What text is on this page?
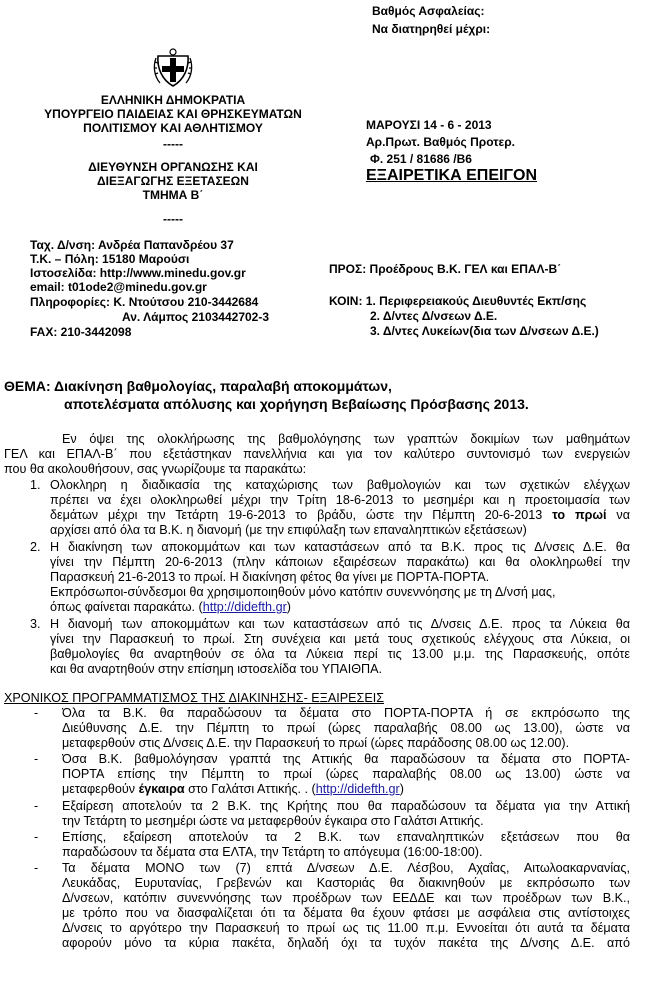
Βαθμός Ασφαλείας:
Να διατηρηθεί μέχρι:
ΕΛΛΗΝΙΚΗ ΔΗΜΟΚΡΑΤΙΑ
ΥΠΟΥΡΓΕΙΟ ΠΑΙΔΕΙΑΣ ΚΑΙ ΘΡΗΣΚΕΥΜΑΤΩΝ
ΠΟΛΙΤΙΣΜΟΥ ΚΑΙ ΑΘΛΗΤΙΣΜΟΥ
-----
ΔΙΕΥΘΥΝΣΗ ΟΡΓΑΝΩΣΗΣ ΚΑΙ
ΔΙΕΞΑΓΩΓΗΣ ΕΞΕΤΑΣΕΩΝ
ΤΜΗΜΑ Β΄
-----
Ταχ. Δ/νση: Ανδρέα Παπανδρέου 37
Τ.Κ. – Πόλη: 15180 Μαρούσι
Ιστοσελίδα: http://www.minedu.gov.gr
email: t01ode2@minedu.gov.gr
Πληροφορίες: Κ. Ντούτσου 210-3442684
Αν. Λάμπος 2103442702-3
FAX: 210-3442098
ΜΑΡΟΥΣΙ 14 - 6 - 2013
Αρ.Πρωτ. Βαθμός Προτερ.
Φ. 251 / 81686 /Β6
ΕΞΑΙΡΕΤΙΚΑ ΕΠΕΙΓΟΝ
ΠΡΟΣ: Προέδρους Β.Κ. ΓΕΛ και ΕΠΑΛ-Β΄
ΚΟΙΝ: 1. Περιφερειακούς Διευθυντές Εκπ/σης
2. Δ/ντες Δ/νσεων Δ.Ε.
3. Δ/ντες Λυκείων(δια των Δ/νσεων Δ.Ε.)
ΘΕΜΑ: Διακίνηση βαθμολογίας, παραλαβή αποκομμάτων,
αποτελέσματα απόλυσης και χορήγηση Βεβαίωσης Πρόσβασης 2013.
Εν όψει της ολοκλήρωσης της βαθμολόγησης των γραπτών δοκιμίων των μαθημάτων
ΓΕΛ και ΕΠΑΛ-Β΄ που εξετάστηκαν πανελλήνια και για τον καλύτερο συντονισμό των ενεργειών
που θα ακολουθήσουν, σας γνωρίζουμε τα παρακάτω:
1. Ολοκληρη η διαδικασία της καταχώρισης των βαθμολογιών και των σχετικών ελέγχων
πρέπει να έχει ολοκληρωθεί μέχρι την Τρίτη 18-6-2013 το μεσημέρι και η προετοιμασία των
δεμάτων μέχρι την Τετάρτη 19-6-2013 το βράδυ, ώστε την Πέμπτη 20-6-2013 το πρωί να
αρχίσει από όλα τα Β.Κ. η διανομή (με την επιφύλαξη των επαναληπτικών εξετάσεων)
2. Η διακίνηση των αποκομμάτων και των καταστάσεων από τα Β.Κ. προς τις Δ/νσεις Δ.Ε. θα
γίνει την Πέμπτη 20-6-2013 (πλην κάποιων εξαιρέσεων παρακάτω) και θα ολοκληρωθεί την
Παρασκευή 21-6-2013 το πρωί. Η διακίνηση φέτος θα γίνει με ΠΟΡΤΑ-ΠΟΡΤΑ.
Εκπρόσωποι-σύνδεσμοι θα χρησιμοποιηθούν μόνο κατόπιν συνεννόησης με τη Δ/νσή μας,
όπως φαίνεται παρακάτω. (http://didefth.gr)
3. Η διανομή των αποκομμάτων και των καταστάσεων από τις Δ/νσεις Δ.Ε. προς τα Λύκεια θα
γίνει την Παρασκευή το πρωί. Στη συνέχεια και μετά τους σχετικούς ελέγχους στα Λύκεια, οι
βαθμολογίες θα αναρτηθούν σε όλα τα Λύκεια περί τις 13.00 μ.μ. της Παρασκευής, οπότε
και θα αναρτηθούν στην επίσημη ιστοσελίδα του ΥΠΑΙΘΠΑ.
ΧΡΟΝΙΚΟΣ ΠΡΟΓΡΑΜΜΑΤΙΣΜΟΣ ΤΗΣ ΔΙΑΚΙΝΗΣΗΣ- ΕΞΑΙΡΕΣΕΙΣ
- Όλα τα Β.Κ. θα παραδώσουν τα δέματα στο ΠΟΡΤΑ-ΠΟΡΤΑ ή σε εκπρόσωπο της
Διεύθυνσης Δ.Ε. την Πέμπτη το πρωί (ώρες παραλαβής 08.00 ως 13.00), ώστε να
μεταφερθούν στις Δ/νσεις Δ.Ε. την Παρασκευή το πρωί (ώρες παράδοσης 08.00 ως 12.00).
- Όσα Β.Κ. βαθμολόγησαν γραπτά της Αττικής θα παραδώσουν τα δέματα στο ΠΟΡΤΑ-
ΠΟΡΤΑ επίσης την Πέμπτη το πρωί (ώρες παραλαβής 08.00 ως 13.00) ώστε να
μεταφερθούν έγκαιρα στο Γαλάτσι Αττικής. . (http://didefth.gr)
- Εξαίρεση αποτελούν τα 2 Β.Κ. της Κρήτης που θα παραδώσουν τα δέματα για την Αττική
την Τετάρτη το μεσημέρι ώστε να μεταφερθούν έγκαιρα στο Γαλάτσι Αττικής.
- Επίσης, εξαίρεση αποτελούν τα 2 Β.Κ. των επαναληπτικών εξετάσεων που θα
παραδώσουν τα δέματα στα ΕΛΤΑ, την Τετάρτη το απόγευμα (16:00-18:00).
- Τα δέματα ΜΟΝΟ των (7) επτά Δ/νσεων Δ.Ε. Λέσβου, Αχαΐας, Αιτωλοακαρνανίας,
Λευκάδας, Ευρυτανίας, Γρεβενών και Καστοριάς θα διακινηθούν με εκπρόσωπο των
Δ/νσεων, κατόπιν συνεννόησης των προέδρων των ΕΕΔΔΕ και των προέδρων των Β.Κ.,
με τρόπο που να διασφαλίζεται ότι τα δέματα θα έχουν φτάσει με ασφάλεια στις αντίστοιχες
Δ/νσεις το αργότερο την Παρασκευή το πρωί ως τις 11.00 π.μ. Εννοείται ότι αυτά τα δέματα
αφορούν μόνο τα κύρια πακέτα, δηλαδή όχι τα τυχόν πακέτα της Δ/νσης Δ.Ε. από
